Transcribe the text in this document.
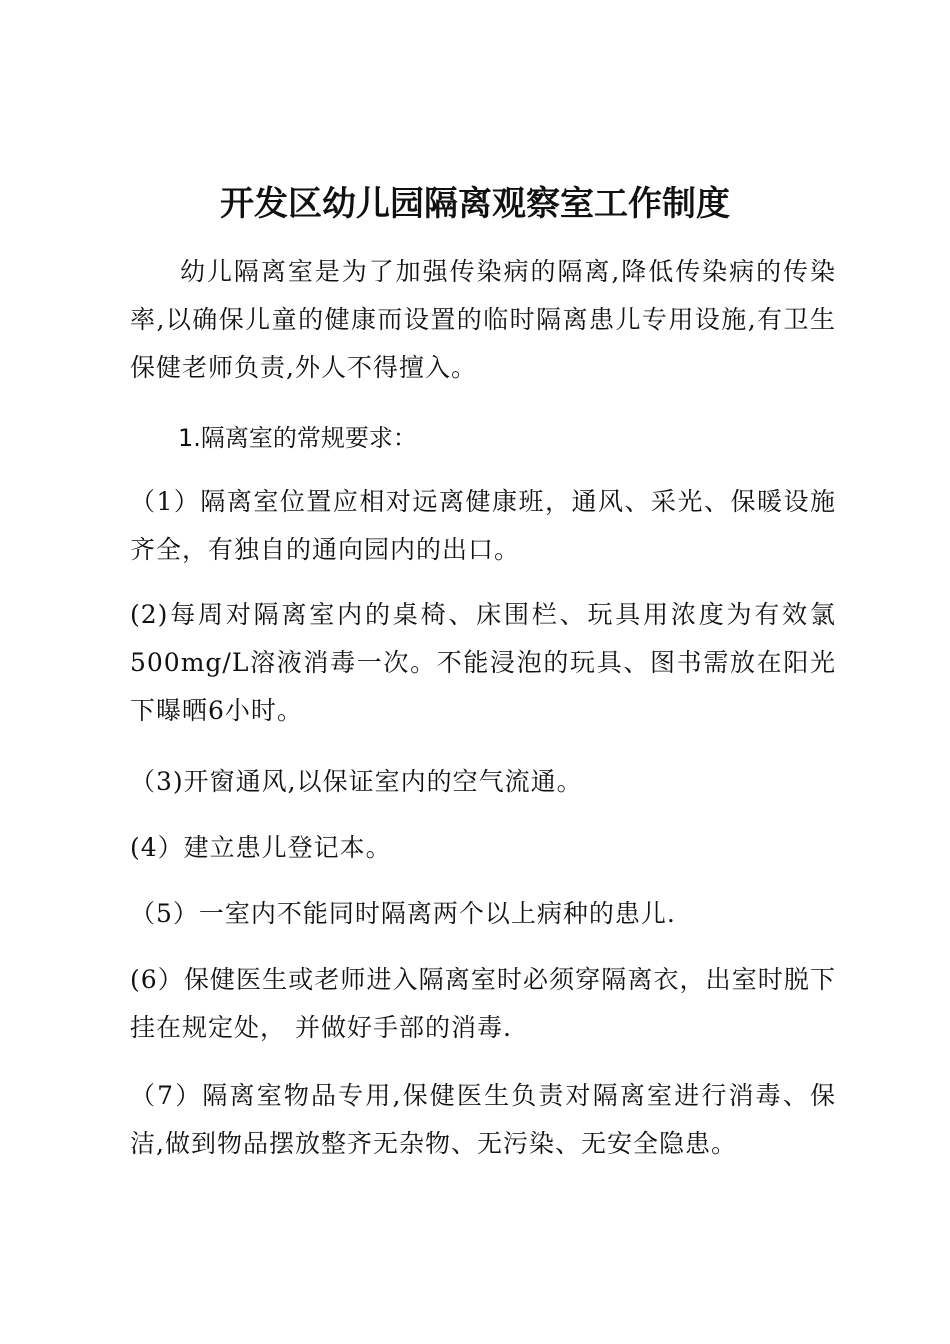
开发区幼儿园隔离观察室工作制度

幼儿隔离室是为了加强传染病的隔离,降低传染病的传染率,以确保儿童的健康而设置的临时隔离患儿专用设施,有卫生保健老师负责,外人不得擅入。

1.隔离室的常规要求：

（1）隔离室位置应相对远离健康班，通风、采光、保暖设施齐全，有独自的通向园内的出口。

(2)每周对隔离室内的桌椅、床围栏、玩具用浓度为有效氯500mg/L溶液消毒一次。不能浸泡的玩具、图书需放在阳光下曝晒6小时。

（3)开窗通风,以保证室内的空气流通。

(4）建立患儿登记本。

（5）一室内不能同时隔离两个以上病种的患儿.

(6）保健医生或老师进入隔离室时必须穿隔离衣，出室时脱下挂在规定处， 并做好手部的消毒.

（7）隔离室物品专用,保健医生负责对隔离室进行消毒、保洁,做到物品摆放整齐无杂物、无污染、无安全隐患。
